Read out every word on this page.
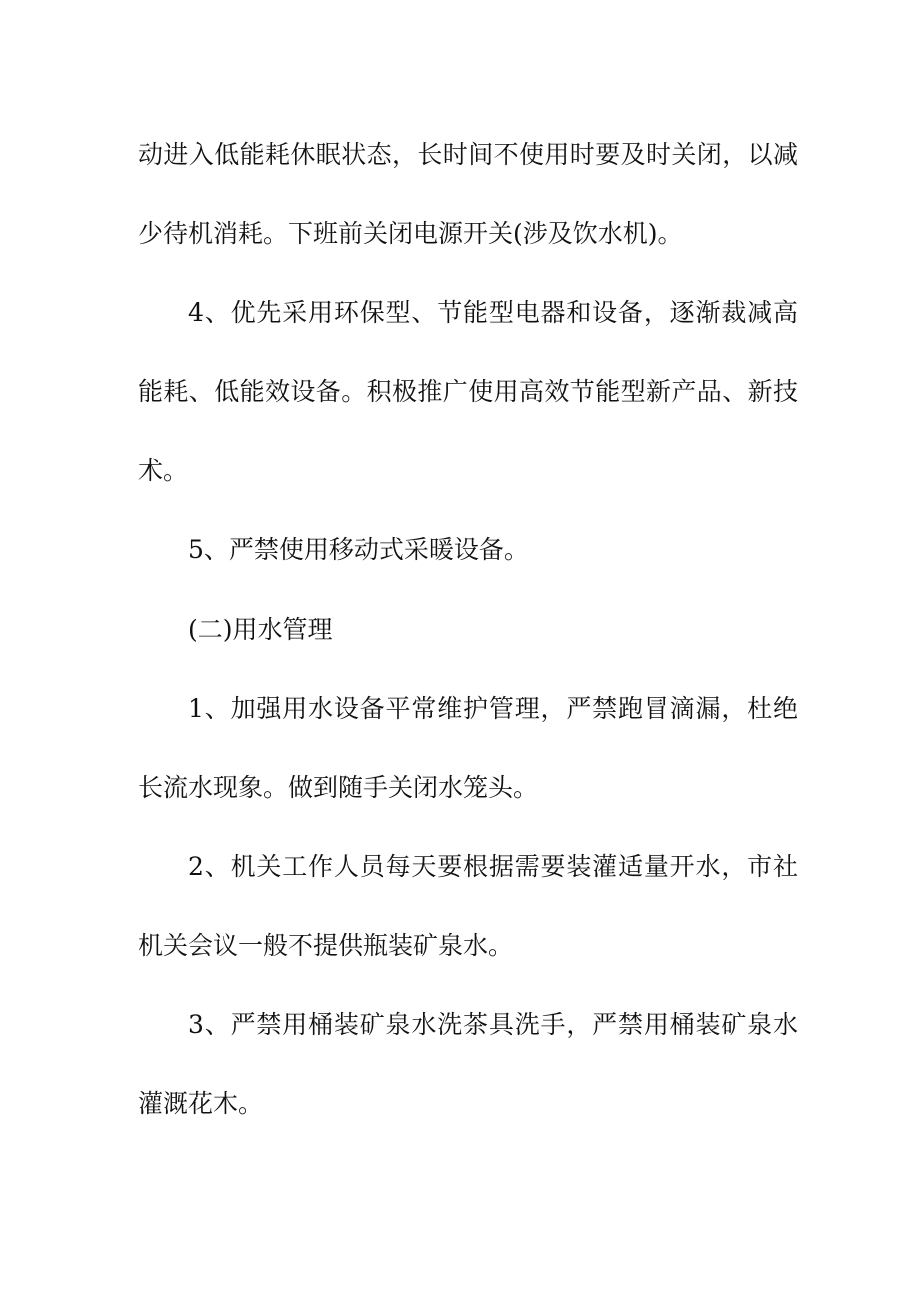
动进入低能耗休眠状态，长时间不使用时要及时关闭，以减
少待机消耗。下班前关闭电源开关(涉及饮水机)。
4、优先采用环保型、节能型电器和设备，逐渐裁减高
能耗、低能效设备。积极推广使用高效节能型新产品、新技
术。
5、严禁使用移动式采暖设备。
(二)用水管理
1、加强用水设备平常维护管理，严禁跑冒滴漏，杜绝
长流水现象。做到随手关闭水笼头。
2、机关工作人员每天要根据需要装灌适量开水，市社
机关会议一般不提供瓶装矿泉水。
3、严禁用桶装矿泉水洗茶具洗手，严禁用桶装矿泉水
灌溉花木。
